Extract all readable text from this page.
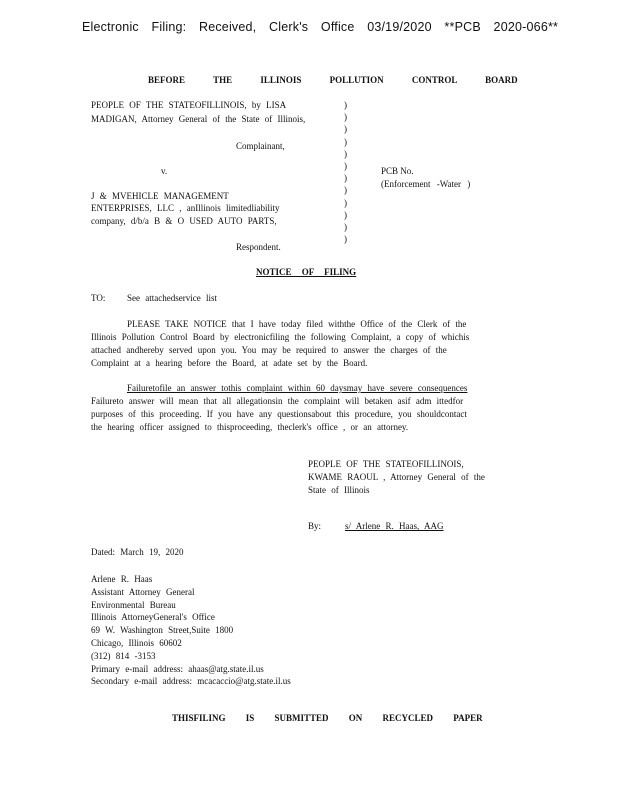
Electronic Filing: Received, Clerk's Office 03/19/2020 **PCB 2020-066**
BEFORE THE ILLINOIS POLLUTION CONTROL BOARD
PEOPLE OF THE STATEOFILLINOIS, by LISA
MADIGAN, Attorney General of the State of Illinois,
Complainant,
v.	PCB No.
(Enforcement -Water )
J & MVEHICLE MANAGEMENT
ENTERPRISES, LLC , anIllinois limitedliability
company, d/b/a B & O USED AUTO PARTS,
Respondent.
)
)
)
)
)
)
)
)
)
)
)
)
NOTICE OF FILING
TO: See attachedservice list
PLEASE TAKE NOTICE that I have today filed withthe Office of the Clerk of the
Illinois Pollution Control Board by electronicfiling the following Complaint, a copy of whichis
attached andhereby served upon you. You may be required to answer the charges of the
Complaint at a hearing before the Board, at adate set by the Board.
Failuretofile an answer tothis complaint within 60 daysmay have severe consequences
Failureto answer will mean that all allegationsin the complaint will betaken asif adm ittedfor
purposes of this proceeding. If you have any questionsabout this procedure, you shouldcontact
the hearing officer assigned to thisproceeding, theclerk's office , or an attorney.
PEOPLE OF THE STATEOFILLINOIS,
KWAME RAOUL , Attorney General of the
State of Illinois
By:	s/ Arlene R. Haas, AAG
Dated: March 19, 2020
Arlene R. Haas
Assistant Attorney General
Environmental Bureau
Illinois AttorneyGeneral's Office
69 W. Washington Street,Suite 1800
Chicago, Illinois 60602
(312) 814 -3153
Primary e-mail address: ahaas@atg.state.il.us
Secondary e-mail address: mcacaccio@atg.state.il.us
THISFILING IS SUBMITTED ON RECYCLED PAPER
